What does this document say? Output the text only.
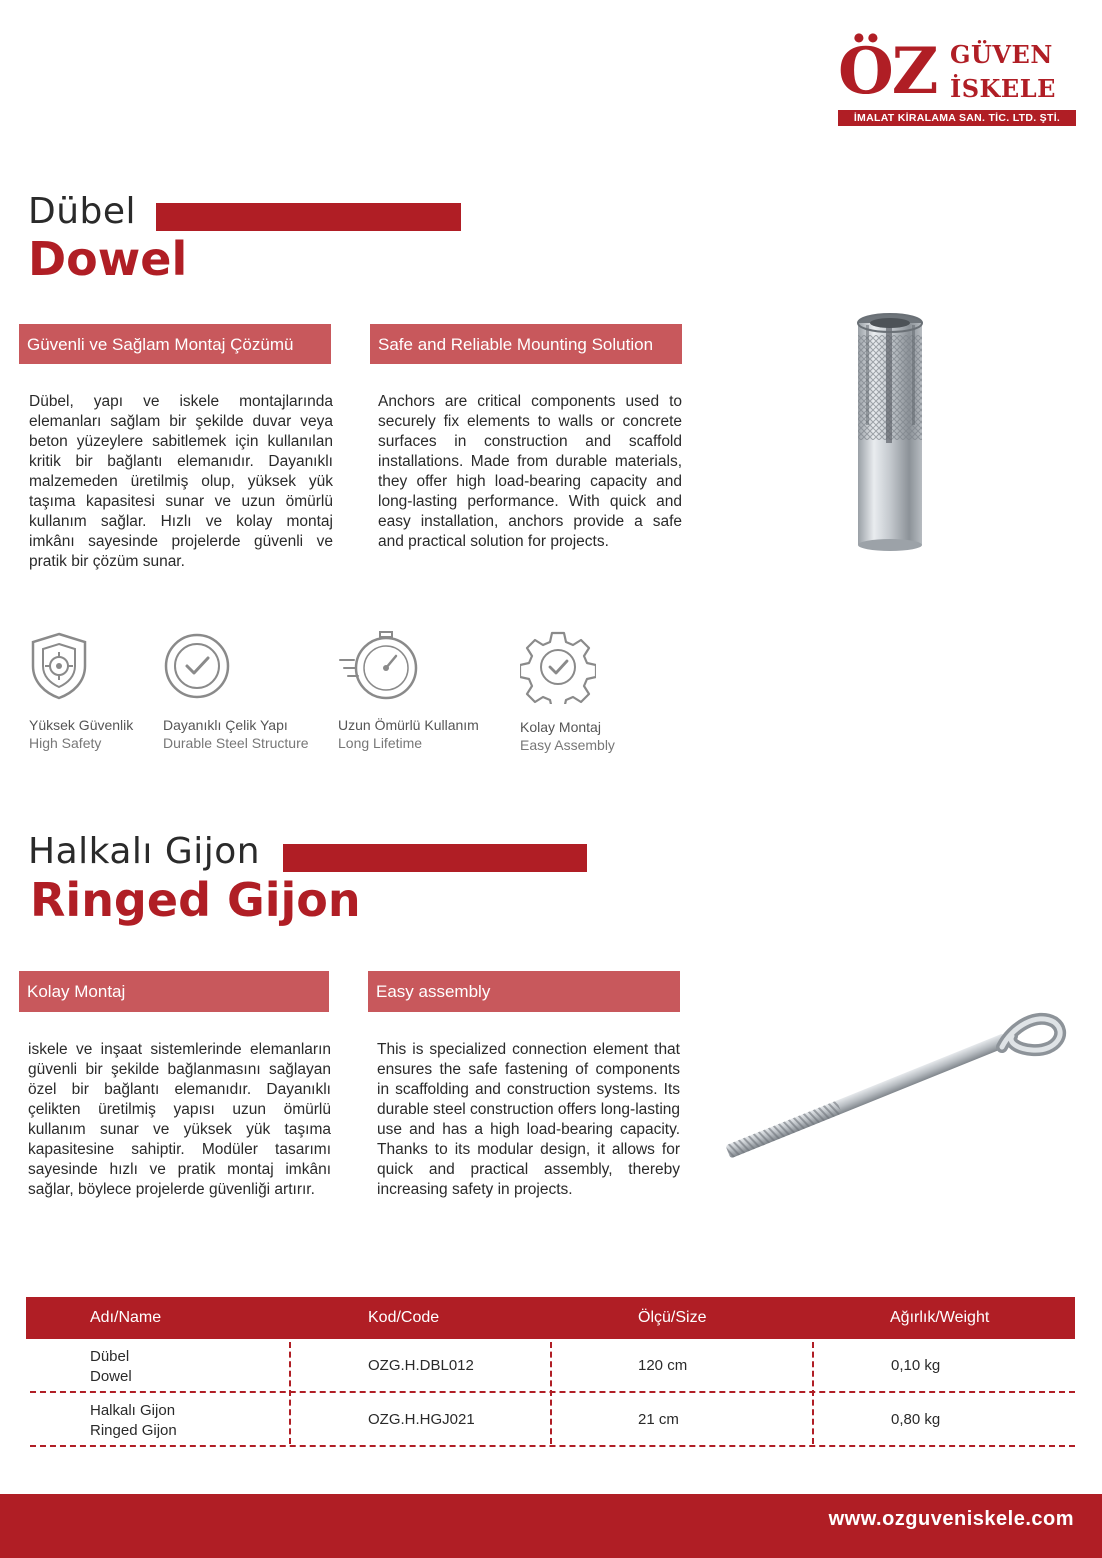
ÖZ GÜVEN
İSKELE
İMALAT KİRALAMA SAN. TİC. LTD. ŞTİ.
Dübel
Dowel
Güvenli ve Sağlam Montaj Çözümü	Safe and Reliable Mounting Solution
Dübel, yapı ve iskele montajlarında elemanları sağlam bir şekilde duvar veya beton yüzeylere sabitlemek için kullanılan kritik bir bağlantı elemanıdır. Dayanıklı malzemeden üretilmiş olup, yüksek yük taşıma kapasitesi sunar ve uzun ömürlü kullanım sağlar. Hızlı ve kolay montaj imkânı sayesinde projelerde güvenli ve pratik bir çözüm sunar.
Anchors are critical components used to securely fix elements to walls or concrete surfaces in construction and scaffold installations. Made from durable materials, they offer high load-bearing capacity and long-lasting performance. With quick and easy installation, anchors provide a safe and practical solution for projects.
Yüksek Güvenlik
High Safety
Dayanıklı Çelik Yapı
Durable Steel Structure
Uzun Ömürlü Kullanım
Long Lifetime
Kolay Montaj
Easy Assembly
Halkalı Gijon
Ringed Gijon
Kolay Montaj	Easy assembly
iskele ve inşaat sistemlerinde elemanların güvenli bir şekilde bağlanmasını sağlayan özel bir bağlantı elemanıdır. Dayanıklı çelikten üretilmiş yapısı uzun ömürlü kullanım sunar ve yüksek yük taşıma kapasitesine sahiptir. Modüler tasarımı sayesinde hızlı ve pratik montaj imkânı sağlar, böylece projelerde güvenliği artırır.
This is specialized connection element that ensures the safe fastening of components in scaffolding and construction systems. Its durable steel construction offers long-lasting use and has a high load-bearing capacity. Thanks to its modular design, it allows for quick and practical assembly, thereby increasing safety in projects.
Adı/Name	Kod/Code	Ölçü/Size	Ağırlık/Weight
Dübel
Dowel
OZG.H.DBL012	120 cm	0,10 kg
Halkalı Gijon
Ringed Gijon
OZG.H.HGJ021	21 cm	0,80 kg
www.ozguveniskele.com
